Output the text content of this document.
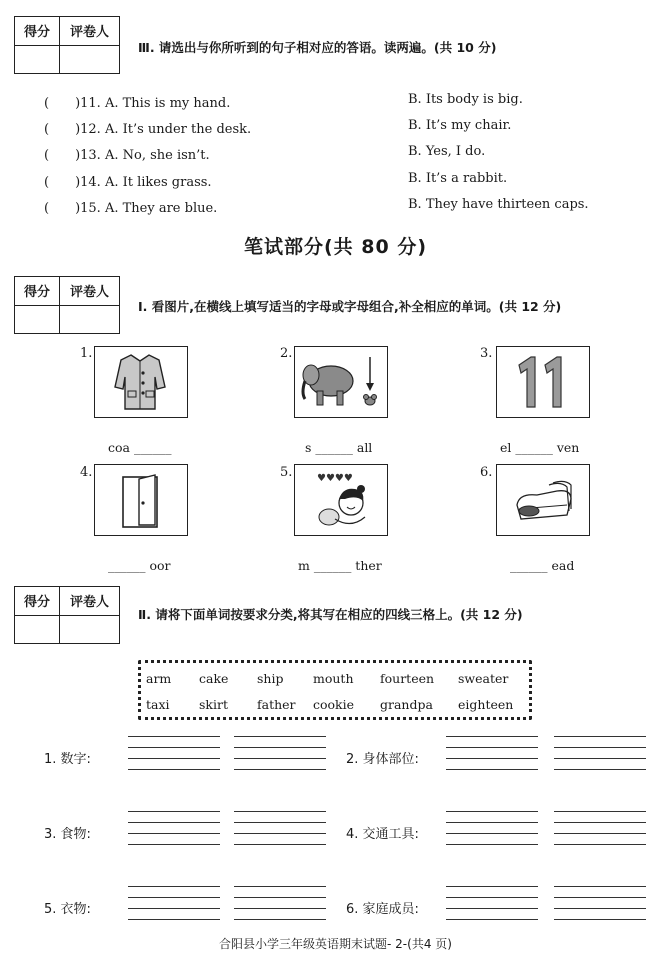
得分	评卷人
Ⅲ. 请选出与你所听到的句子相对应的答语。读两遍。(共 10 分)
(　　)11. A. This is my hand.	B. Its body is big.
(　　)12. A. It’s under the desk.	B. It’s my chair.
(　　)13. A. No, she isn’t.	B. Yes, I do.
(　　)14. A. It likes grass.	B. It’s a rabbit.
(　　)15. A. They are blue.	B. They have thirteen caps.
笔试部分(共 80 分)
得分	评卷人
Ⅰ. 看图片,在横线上填写适当的字母或字母组合,补全相应的单词。(共 12 分)
1.
coa ______
2.
s ______ all
3.
el ______ ven
4.
______ oor
5. ♥♥♥♥
m ______ ther
6.
______ ead
得分	评卷人
Ⅱ. 请将下面单词按要求分类,将其写在相应的四线三格上。(共 12 分)
arm cake ship mouth fourteen sweater
taxi skirt father cookie grandpa eighteen
1. 数字:	2. 身体部位:
3. 食物:	4. 交通工具:
5. 衣物:	6. 家庭成员:
合阳县小学三年级英语期末试题- 2-(共4 页)
